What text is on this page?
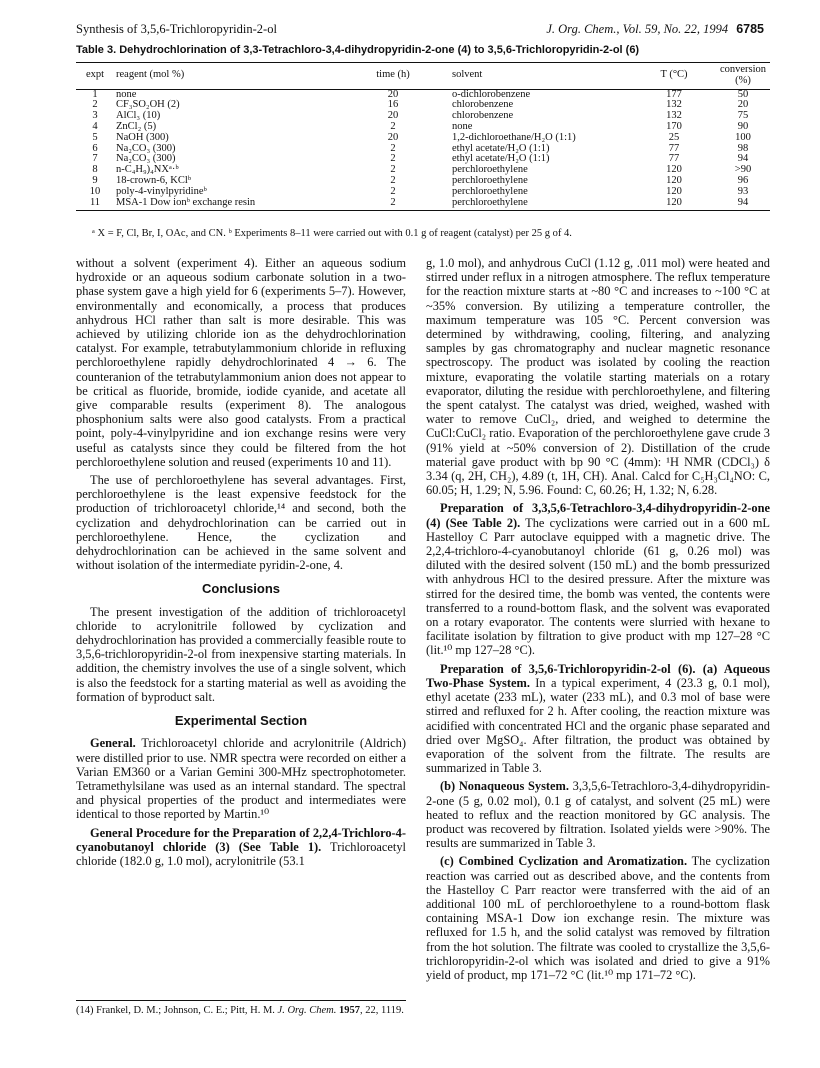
Synthesis of 3,5,6-Trichloropyridin-2-ol	J. Org. Chem., Vol. 59, No. 22, 1994 6785
Table 3. Dehydrochlorination of 3,3-Tetrachloro-3,4-dihydropyridin-2-one (4) to 3,5,6-Trichloropyridin-2-ol (6)
expt	reagent (mol %)	time (h)	solvent	T (°C)	conversion (%)
1	none	20	o-dichlorobenzene	177	50
2	CF₃SO₂OH (2)	16	chlorobenzene	132	20
3	AlCl₃ (10)	20	chlorobenzene	132	75
4	ZnCl₂ (5)	2	none	170	90
5	NaOH (300)	20	1,2-dichloroethane/H₂O (1:1)	25	100
6	Na₂CO₃ (300)	2	ethyl acetate/H₂O (1:1)	77	98
7	Na₂CO₃ (300)	2	ethyl acetate/H₂O (1:1)	77	94
8	n-C₄H₉)₄NXᵃ·ᵇ	2	perchloroethylene	120	>90
9	18-crown-6, KClᵇ	2	perchloroethylene	120	96
10	poly-4-vinylpyridineᵇ	2	perchloroethylene	120	93
11	MSA-1 Dow ionᵇ exchange resin	2	perchloroethylene	120	94
ᵃ X = F, Cl, Br, I, OAc, and CN. ᵇ Experiments 8–11 were carried out with 0.1 g of reagent (catalyst) per 25 g of 4.

without a solvent (experiment 4). Either an aqueous sodium hydroxide or an aqueous sodium carbonate solution in a two-phase system gave a high yield for 6 (experiments 5–7). However, environmentally and economically, a process that produces anhydrous HCl rather than salt is more desirable. This was achieved by utilizing chloride ion as the dehydrochlorination catalyst. For example, tetrabutylammonium chloride in refluxing perchloroethylene rapidly dehydrochlorinated 4 → 6. The counteranion of the tetrabutylammonium anion does not appear to be critical as fluoride, bromide, iodide cyanide, and acetate all give comparable results (experiment 8). The analogous phosphonium salts were also good catalysts. From a practical point, poly-4-vinylpyridine and ion exchange resins were very useful as catalysts since they could be filtered from the hot perchloroethylene solution and reused (experiments 10 and 11).

The use of perchloroethylene has several advantages. First, perchloroethylene is the least expensive feedstock for the production of trichloroacetyl chloride,¹⁴ and second, both the cyclization and dehydrochlorination can be carried out in perchloroethylene. Hence, the cyclization and dehydrochlorination can be achieved in the same solvent and without isolation of the intermediate pyridin-2-one, 4.

Conclusions

The present investigation of the addition of trichloroacetyl chloride to acrylonitrile followed by cyclization and dehydrochlorination has provided a commercially feasible route to 3,5,6-trichloropyridin-2-ol from inexpensive starting materials. In addition, the chemistry involves the use of a single solvent, which is also the feedstock for a starting material as well as avoiding the formation of byproduct salt.

Experimental Section

General. Trichloroacetyl chloride and acrylonitrile (Aldrich) were distilled prior to use. NMR spectra were recorded on either a Varian EM360 or a Varian Gemini 300-MHz spectrophotometer. Tetramethylsilane was used as an internal standard. The spectral and physical properties of the product and intermediates were identical to those reported by Martin.¹⁰

General Procedure for the Preparation of 2,2,4-Trichloro-4-cyanobutanoyl chloride (3) (See Table 1). Trichloroacetyl chloride (182.0 g, 1.0 mol), acrylonitrile (53.1

(14) Frankel, D. M.; Johnson, C. E.; Pitt, H. M. J. Org. Chem. 1957, 22, 1119.

g, 1.0 mol), and anhydrous CuCl (1.12 g, .011 mol) were heated and stirred under reflux in a nitrogen atmosphere. The reflux temperature for the reaction mixture starts at ~80 °C and increases to ~100 °C at ~35% conversion. By utilizing a temperature controller, the maximum temperature was 105 °C. Percent conversion was determined by withdrawing, cooling, filtering, and analyzing samples by gas chromatography and nuclear magnetic resonance spectroscopy. The product was isolated by cooling the reaction mixture, evaporating the volatile starting materials on a rotary evaporator, diluting the residue with perchloroethylene, and filtering the spent catalyst. The catalyst was dried, weighed, washed with water to remove CuCl₂, dried, and weighed to determine the CuCl:CuCl₂ ratio. Evaporation of the perchloroethylene gave crude 3 (91% yield at ~50% conversion of 2). Distillation of the crude material gave product with bp 90 °C (4mm): ¹H NMR (CDCl₃) δ 3.34 (q, 2H, CH₂), 4.89 (t, 1H, CH). Anal. Calcd for C₅H₃Cl₄NO: C, 60.05; H, 1.29; N, 5.96. Found: C, 60.26; H, 1.32; N, 6.28.

Preparation of 3,3,5,6-Tetrachloro-3,4-dihydropyridin-2-one (4) (See Table 2). The cyclizations were carried out in a 600 mL Hastelloy C Parr autoclave equipped with a magnetic drive. The 2,2,4-trichloro-4-cyanobutanoyl chloride (61 g, 0.26 mol) was diluted with the desired solvent (150 mL) and the bomb pressurized with anhydrous HCl to the desired pressure. After the mixture was stirred for the desired time, the bomb was vented, the contents were transferred to a round-bottom flask, and the solvent was evaporated on a rotary evaporator. The contents were slurried with hexane to facilitate isolation by filtration to give product with mp 127–28 °C (lit.¹⁰ mp 127–28 °C).

Preparation of 3,5,6-Trichloropyridin-2-ol (6). (a) Aqueous Two-Phase System. In a typical experiment, 4 (23.3 g, 0.1 mol), ethyl acetate (233 mL), water (233 mL), and 0.3 mol of base were stirred and refluxed for 2 h. After cooling, the reaction mixture was acidified with concentrated HCl and the organic phase separated and dried over MgSO₄. After filtration, the product was obtained by evaporation of the solvent from the filtrate. The results are summarized in Table 3.

(b) Nonaqueous System. 3,3,5,6-Tetrachloro-3,4-dihydropyridin-2-one (5 g, 0.02 mol), 0.1 g of catalyst, and solvent (25 mL) were heated to reflux and the reaction monitored by GC analysis. The product was recovered by filtration. Isolated yields were >90%. The results are summarized in Table 3.

(c) Combined Cyclization and Aromatization. The cyclization reaction was carried out as described above, and the contents from the Hastelloy C Parr reactor were transferred with the aid of an additional 100 mL of perchloroethylene to a round-bottom flask containing MSA-1 Dow ion exchange resin. The mixture was refluxed for 1.5 h, and the solid catalyst was removed by filtration from the hot solution. The filtrate was cooled to crystallize the 3,5,6-trichloropyridin-2-ol which was isolated and dried to give a 91% yield of product, mp 171–72 °C (lit.¹⁰ mp 171–72 °C).
